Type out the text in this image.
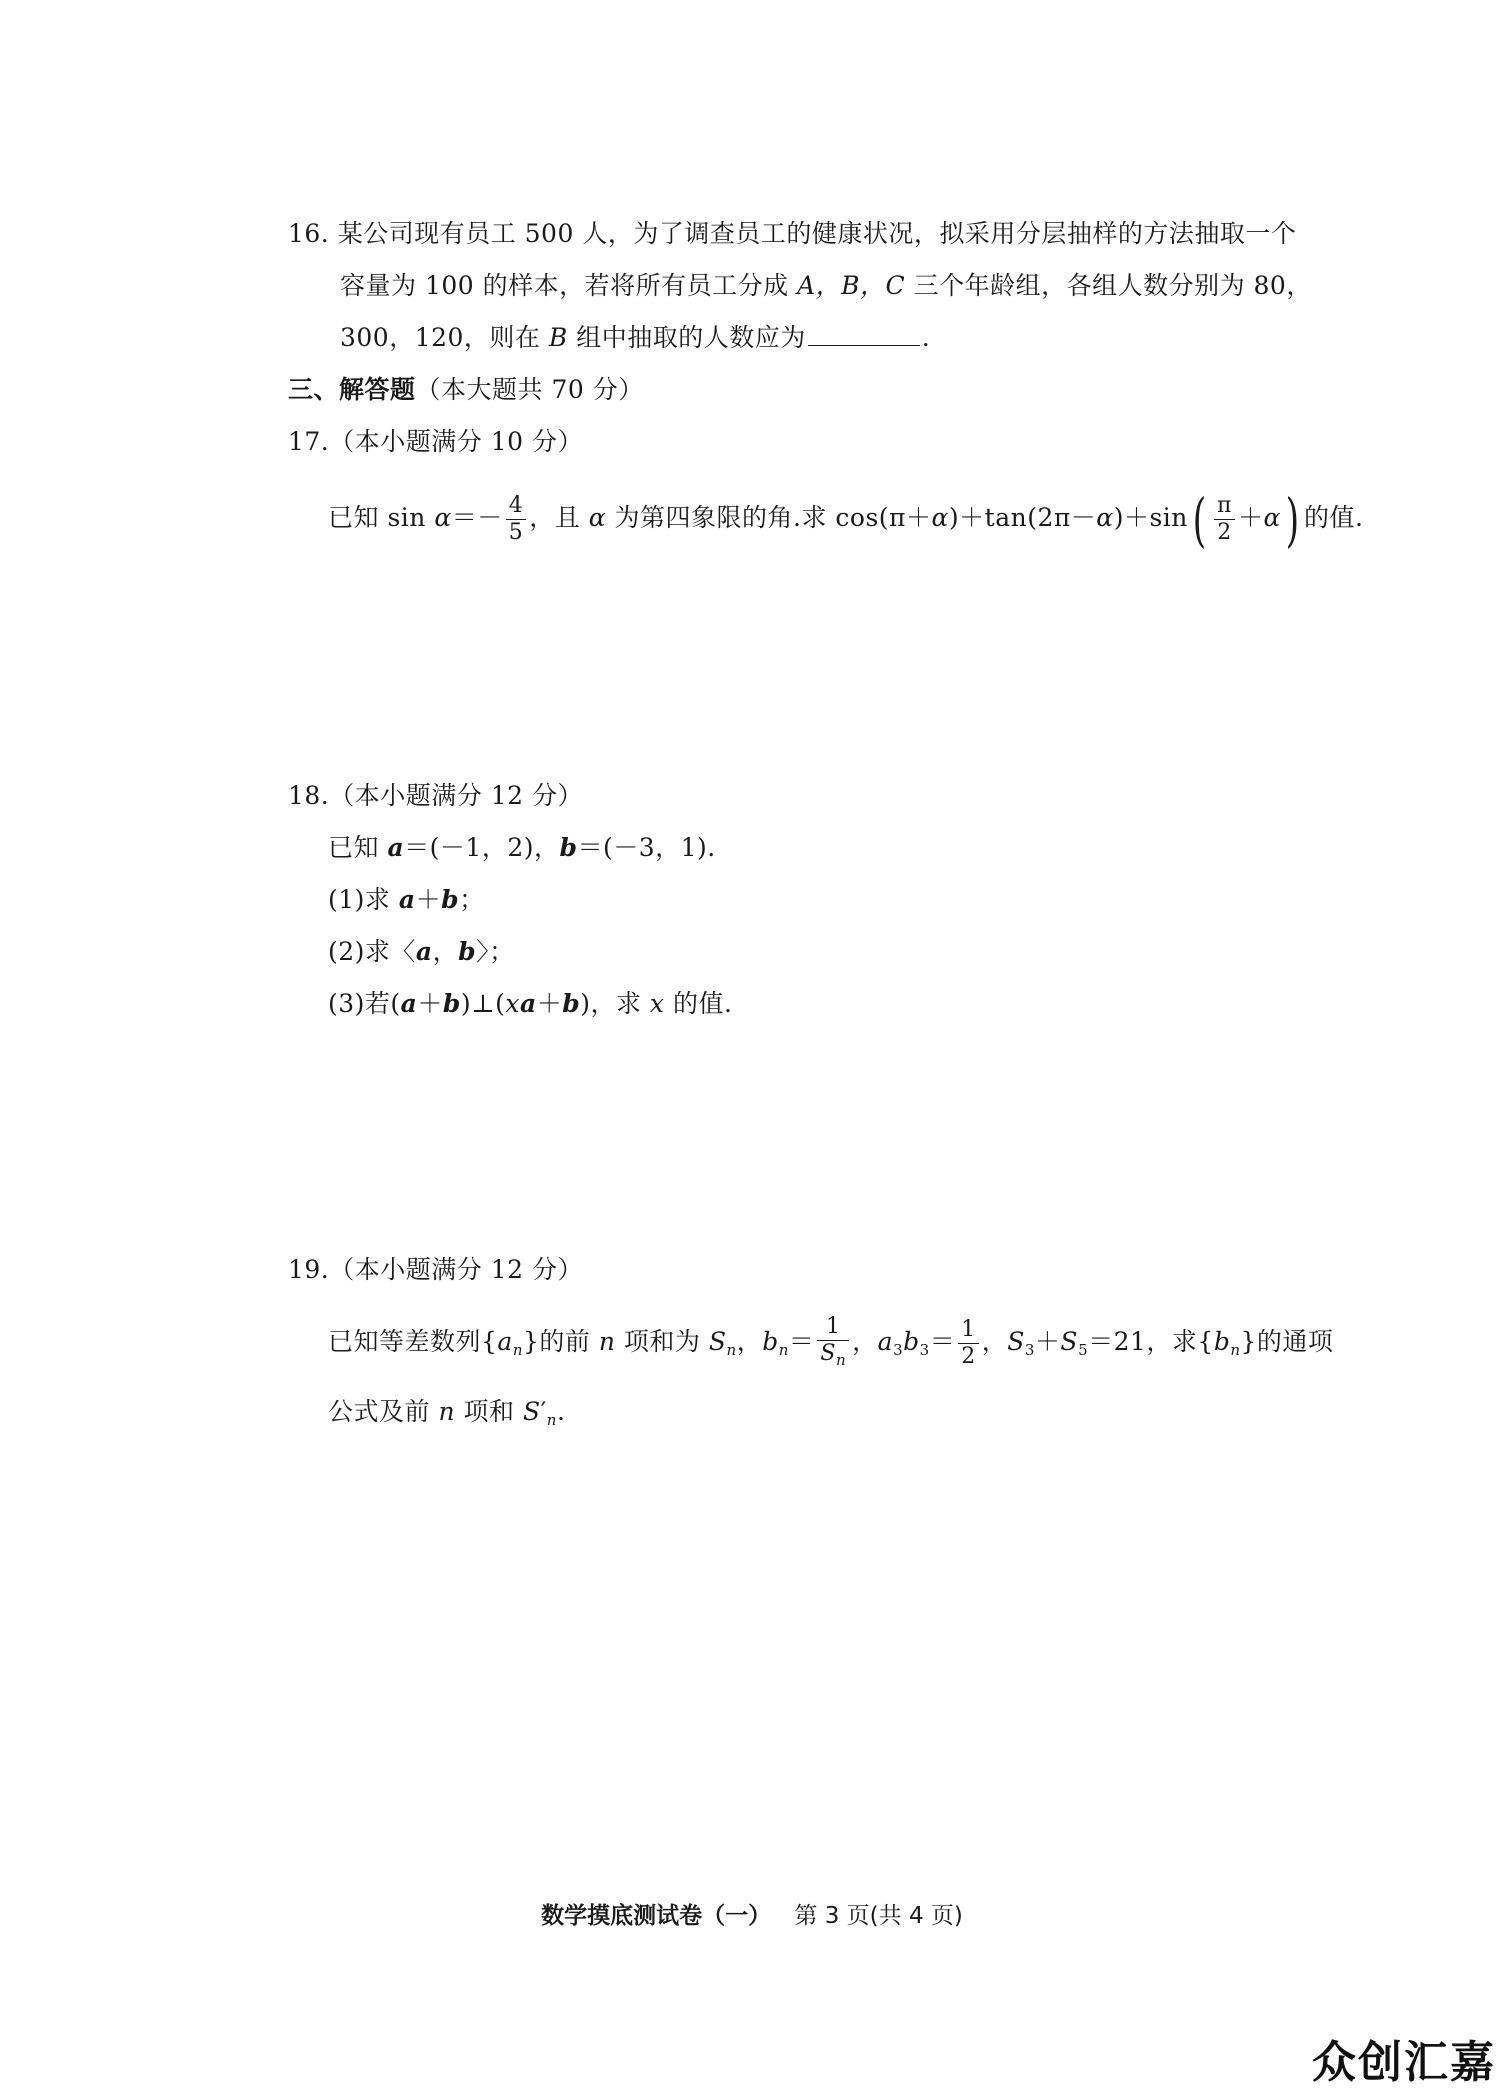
16. 某公司现有员工 500 人，为了调查员工的健康状况，拟采用分层抽样的方法抽取一个
容量为 100 的样本，若将所有员工分成 A，B，C 三个年龄组，各组人数分别为 80，
300，120，则在 B 组中抽取的人数应为	.
三、解答题（本大题共 70 分）
17.（本小题满分 10 分）
已知 $\sin \alpha=- \frac{4}{5}$ ，且 α 为第四象限的角.求 $\cos(\pi+\alpha)+\tan(2\pi-\alpha)+\sin( \frac{\pi}{2} +\alpha)$ 的值.
18.（本小题满分 12 分）
已知 a＝(－1，2)，b＝(－3，1).
(1)求 a＋b；
(2)求〈a，b〉；
(3)若(a＋b)⊥(xa＋b)，求 x 的值.
19.（本小题满分 12 分）
已知等差数列$\{a_n\}$的前 n 项和为 $S_n$，$b_n= \frac{1}{S_n}$ ，$a_3b_3= \frac{1}{2}$ ，$S_3+S_5=21$，求$\{b_n\}$的通项
公式及前 n 项和 $S'_n$.
数学摸底测试卷（一） 第 3 页(共 4 页)
众创汇嘉
